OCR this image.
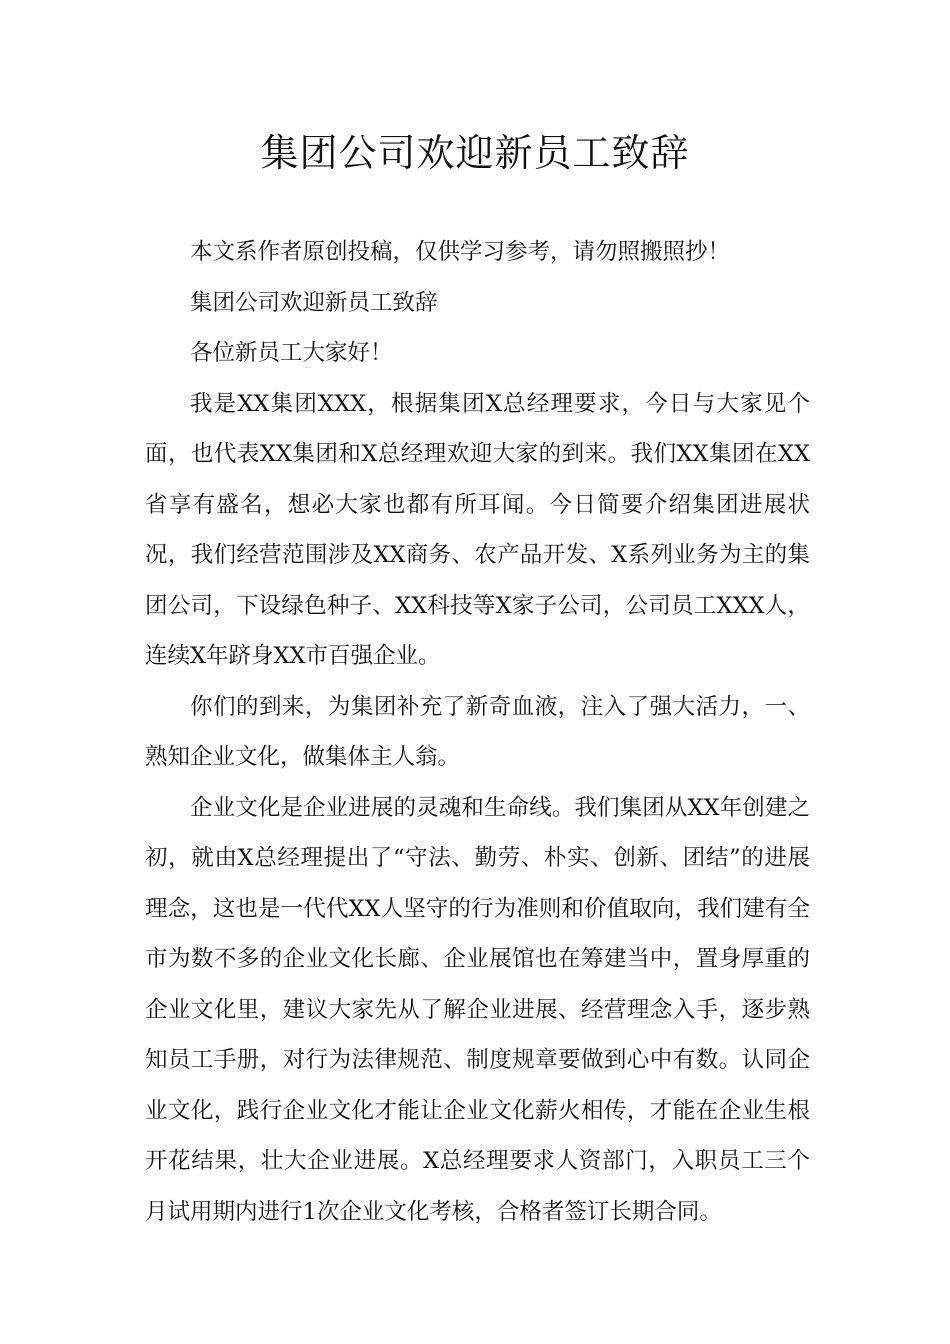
集团公司欢迎新员工致辞

本文系作者原创投稿，仅供学习参考，请勿照搬照抄！

集团公司欢迎新员工致辞

各位新员工大家好！

我是XX集团XXX，根据集团X总经理要求，今日与大家见个面，也代表XX集团和X总经理欢迎大家的到来。我们XX集团在XX省享有盛名，想必大家也都有所耳闻。今日简要介绍集团进展状况，我们经营范围涉及XX商务、农产品开发、X系列业务为主的集团公司，下设绿色种子、XX科技等X家子公司，公司员工XXX人，连续X年跻身XX市百强企业。

你们的到来，为集团补充了新奇血液，注入了强大活力，一、熟知企业文化，做集体主人翁。

企业文化是企业进展的灵魂和生命线。我们集团从XX年创建之初，就由X总经理提出了“守法、勤劳、朴实、创新、团结”的进展理念，这也是一代代XX人坚守的行为准则和价值取向，我们建有全市为数不多的企业文化长廊、企业展馆也在筹建当中，置身厚重的企业文化里，建议大家先从了解企业进展、经营理念入手，逐步熟知员工手册，对行为法律规范、制度规章要做到心中有数。认同企业文化，践行企业文化才能让企业文化薪火相传，才能在企业生根开花结果，壮大企业进展。X总经理要求人资部门，入职员工三个月试用期内进行1次企业文化考核，合格者签订长期合同。
